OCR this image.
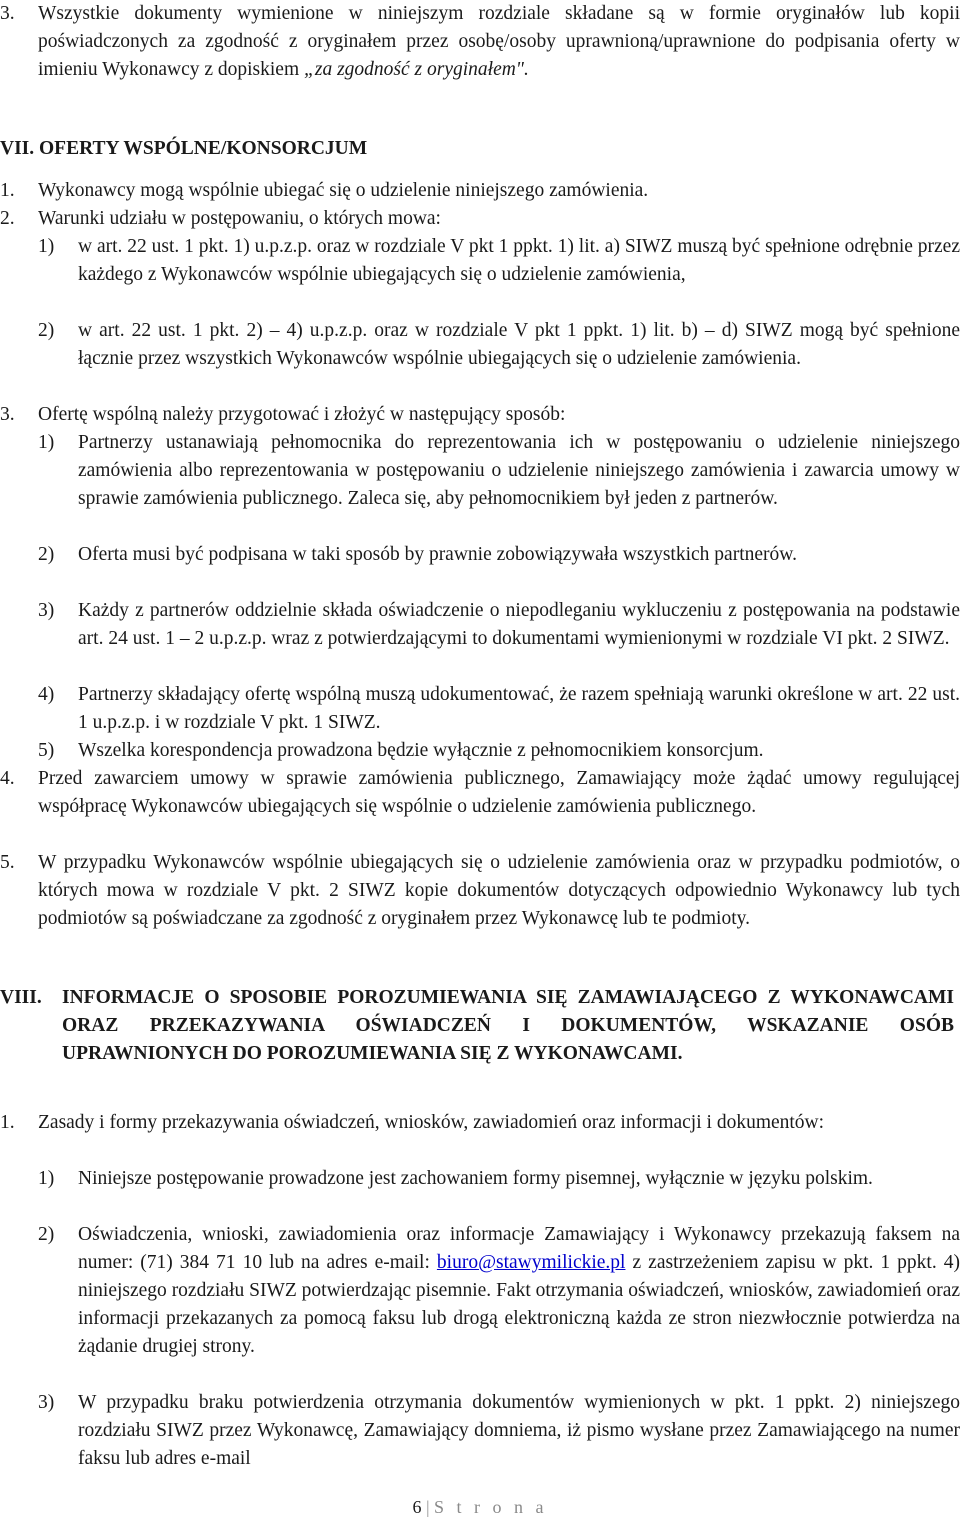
3.	Wszystkie dokumenty wymienione w niniejszym rozdziale składane są w formie oryginałów lub kopii poświadczonych za zgodność z oryginałem przez osobę/osoby uprawnioną/uprawnione do podpisania oferty w imieniu Wykonawcy z dopiskiem „za zgodność z oryginałem".
VII. OFERTY WSPÓLNE/KONSORCJUM
1.	Wykonawcy mogą wspólnie ubiegać się o udzielenie niniejszego zamówienia.
2.	Warunki udziału w postępowaniu, o których mowa:
1)	w art. 22 ust. 1 pkt. 1) u.p.z.p. oraz w rozdziale V pkt 1 ppkt. 1) lit. a) SIWZ muszą być spełnione odrębnie przez każdego z Wykonawców wspólnie ubiegających się o udzielenie zamówienia,
2)	w art. 22 ust. 1 pkt. 2) – 4) u.p.z.p. oraz w rozdziale V pkt 1 ppkt. 1) lit. b) – d) SIWZ mogą być spełnione łącznie przez wszystkich Wykonawców wspólnie ubiegających się o udzielenie zamówienia.
3.	Ofertę wspólną należy przygotować i złożyć w następujący sposób:
1)	Partnerzy ustanawiają pełnomocnika do reprezentowania ich w postępowaniu o udzielenie niniejszego zamówienia albo reprezentowania w postępowaniu o udzielenie niniejszego zamówienia i zawarcia umowy w sprawie zamówienia publicznego. Zaleca się, aby pełnomocnikiem był jeden z partnerów.
2)	Oferta musi być podpisana w taki sposób by prawnie zobowiązywała wszystkich partnerów.
3)	Każdy z partnerów oddzielnie składa oświadczenie o niepodleganiu wykluczeniu z postępowania na podstawie art. 24 ust. 1 – 2 u.p.z.p. wraz z potwierdzającymi to dokumentami wymienionymi w rozdziale VI pkt. 2 SIWZ.
4)	Partnerzy składający ofertę wspólną muszą udokumentować, że razem spełniają warunki określone w art. 22 ust. 1 u.p.z.p. i w rozdziale V pkt. 1 SIWZ.
5)	Wszelka korespondencja prowadzona będzie wyłącznie z pełnomocnikiem konsorcjum.
4.	Przed zawarciem umowy w sprawie zamówienia publicznego, Zamawiający może żądać umowy regulującej współpracę Wykonawców ubiegających się wspólnie o udzielenie zamówienia publicznego.
5.	W przypadku Wykonawców wspólnie ubiegających się o udzielenie zamówienia oraz w przypadku podmiotów, o których mowa w rozdziale V pkt. 2 SIWZ kopie dokumentów dotyczących odpowiednio Wykonawcy lub tych podmiotów są poświadczane za zgodność z oryginałem przez Wykonawcę lub te podmioty.
VIII.	INFORMACJE O SPOSOBIE POROZUMIEWANIA SIĘ ZAMAWIAJĄCEGO Z WYKONAWCAMI ORAZ PRZEKAZYWANIA OŚWIADCZEŃ I DOKUMENTÓW, WSKAZANIE OSÓB UPRAWNIONYCH DO POROZUMIEWANIA SIĘ Z WYKONAWCAMI.
1.	Zasady i formy przekazywania oświadczeń, wniosków, zawiadomień oraz informacji i dokumentów:
1)	Niniejsze postępowanie prowadzone jest zachowaniem formy pisemnej, wyłącznie w języku polskim.
2)	Oświadczenia, wnioski, zawiadomienia oraz informacje Zamawiający i Wykonawcy przekazują faksem na numer: (71) 384 71 10 lub na adres e-mail: biuro@stawymilickie.pl z zastrzeżeniem zapisu w pkt. 1 ppkt. 4) niniejszego rozdziału SIWZ potwierdzając pisemnie. Fakt otrzymania oświadczeń, wniosków, zawiadomień oraz informacji przekazanych za pomocą faksu lub drogą elektroniczną każda ze stron niezwłocznie potwierdza na żądanie drugiej strony.
3)	W przypadku braku potwierdzenia otrzymania dokumentów wymienionych w pkt. 1 ppkt. 2) niniejszego rozdziału SIWZ przez Wykonawcę, Zamawiający domniema, iż pismo wysłane przez Zamawiającego na numer faksu lub adres e-mail
6 | S t r o n a
